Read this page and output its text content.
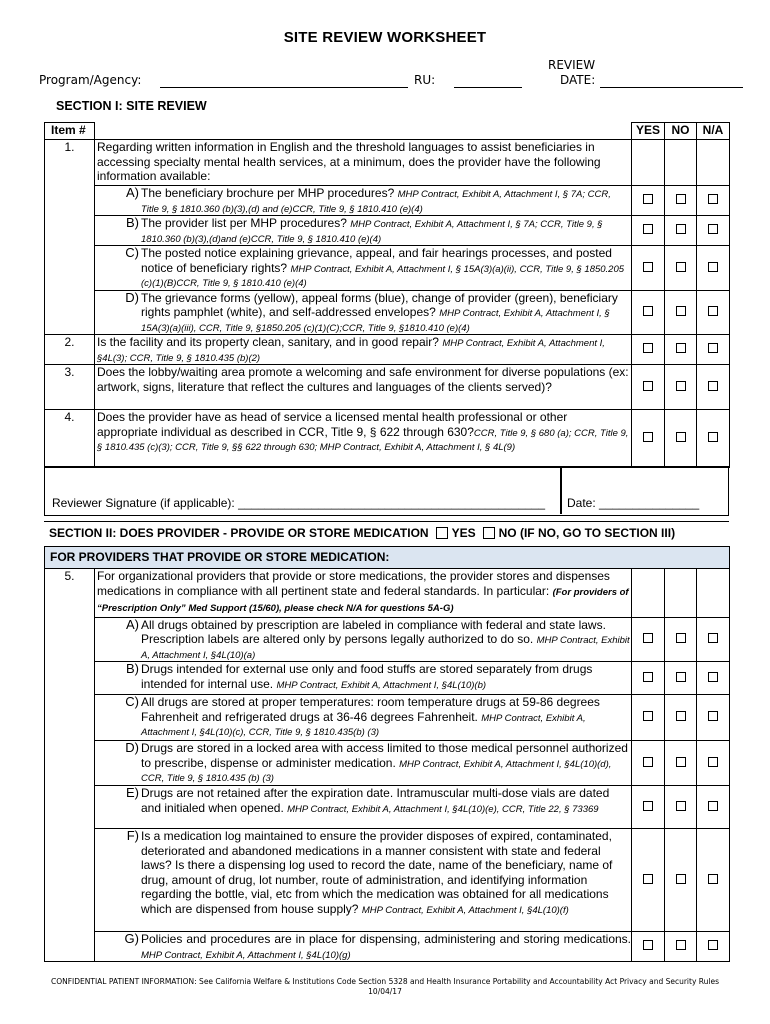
SITE REVIEW WORKSHEET
Program/Agency:	RU:
REVIEW
DATE:
SECTION I: SITE REVIEW
Item #		YES	NO	N/A
1.	Regarding written information in English and the threshold languages to assist beneficiaries in accessing specialty mental health services, at a minimum, does the provider have the following information available:			

	A) The beneficiary brochure per MHP procedures? MHP Contract, Exhibit A, Attachment I, § 7A; CCR, Title 9, § 1810.360 (b)(3),(d) and (e)CCR, Title 9, § 1810.410 (e)(4)			

	B) The provider list per MHP procedures? MHP Contract, Exhibit A, Attachment I, § 7A; CCR, Title 9, § 1810.360 (b)(3),(d)and (e)CCR, Title 9, § 1810.410 (e)(4)			

	C) The posted notice explaining grievance, appeal, and fair hearings processes, and posted notice of beneficiary rights? MHP Contract, Exhibit A, Attachment I, § 15A(3)(a)(ii), CCR, Title 9, § 1850.205 (c)(1)(B)CCR, Title 9, § 1810.410 (e)(4)			

	D) The grievance forms (yellow), appeal forms (blue), change of provider (green), beneficiary rights pamphlet (white), and self-addressed envelopes? MHP Contract, Exhibit A, Attachment I, § 15A(3)(a)(iii), CCR, Title 9, §1850.205 (c)(1)(C);CCR, Title 9, §1810.410 (e)(4)			

2.	Is the facility and its property clean, sanitary, and in good repair? MHP Contract, Exhibit A, Attachment I, §4L(3); CCR, Title 9, § 1810.435 (b)(2)			
3.	Does the lobby/waiting area promote a welcoming and safe environment for diverse populations (ex: artwork, signs, literature that reflect the cultures and languages of the clients served)?			
4.	Does the provider have as head of service a licensed mental health professional or other appropriate individual as described in CCR, Title 9, § 622 through 630?CCR, Title 9, § 680 (a); CCR, Title 9, § 1810.435 (c)(3); CCR, Title 9, §§ 622 through 630; MHP Contract, Exhibit A, Attachment I, § 4L(9)			
Reviewer Signature (if applicable): ______________________________________________ Date: _______________
SECTION II: DOES PROVIDER - PROVIDE OR STORE MEDICATION YES NO (IF NO, GO TO SECTION III)
FOR PROVIDERS THAT PROVIDE OR STORE MEDICATION:				
5.	For organizational providers that provide or store medications, the provider stores and dispenses medications in compliance with all pertinent state and federal standards. In particular: (For providers of “Prescription Only” Med Support (15/60), please check N/A for questions 5A-G)			

	A) All drugs obtained by prescription are labeled in compliance with federal and state laws. Prescription labels are altered only by persons legally authorized to do so. MHP Contract, Exhibit A, Attachment I, §4L(10)(a)			

	B) Drugs intended for external use only and food stuffs are stored separately from drugs intended for internal use. MHP Contract, Exhibit A, Attachment I, §4L(10)(b)			

	C) All drugs are stored at proper temperatures: room temperature drugs at 59-86 degrees Fahrenheit and refrigerated drugs at 36-46 degrees Fahrenheit. MHP Contract, Exhibit A, Attachment I, §4L(10)(c), CCR, Title 9, § 1810.435(b) (3)			

	D) Drugs are stored in a locked area with access limited to those medical personnel authorized to prescribe, dispense or administer medication. MHP Contract, Exhibit A, Attachment I, §4L(10)(d), CCR, Title 9, § 1810.435 (b) (3)			

	E) Drugs are not retained after the expiration date. Intramuscular multi-dose vials are dated and initialed when opened. MHP Contract, Exhibit A, Attachment I, §4L(10)(e), CCR, Title 22, § 73369			

	F) Is a medication log maintained to ensure the provider disposes of expired, contaminated, deteriorated and abandoned medications in a manner consistent with state and federal laws? Is there a dispensing log used to record the date, name of the beneficiary, name of drug, amount of drug, lot number, route of administration, and identifying information regarding the bottle, vial, etc from which the medication was obtained for all medications which are dispensed from house supply? MHP Contract, Exhibit A, Attachment I, §4L(10)(f)			

	G) Policies and procedures are in place for dispensing, administering and storing medications. MHP Contract, Exhibit A, Attachment I, §4L(10)(g)			

CONFIDENTIAL PATIENT INFORMATION: See California Welfare & Institutions Code Section 5328 and Health Insurance Portability and Accountability Act Privacy and Security Rules
10/04/17
